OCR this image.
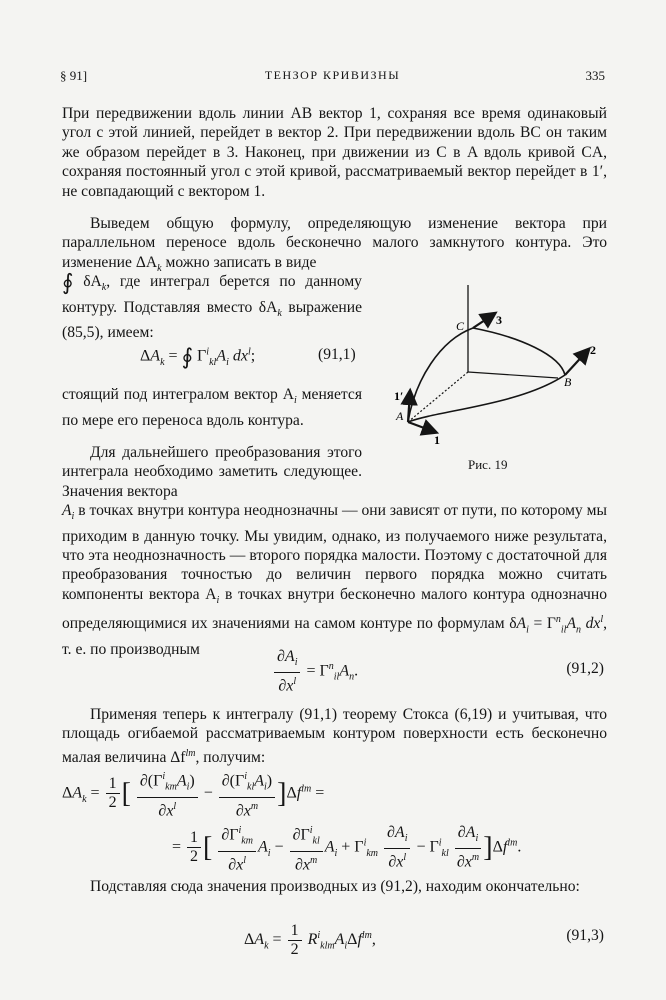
§ 91]	ТЕНЗОР КРИВИЗНЫ	335

При передвижении вдоль линии AB вектор 1, сохраняя все время одинаковый угол с этой линией, перейдет в вектор 2. При передвижении вдоль BC он таким же образом перейдет в 3. Наконец, при движении из C в A вдоль кривой CA, сохраняя постоянный угол с этой кривой, рассматриваемый вектор перейдет в 1′, не совпадающий с вектором 1.

Выведем общую формулу, определяющую изменение вектора при параллельном переносе вдоль бесконечно малого замкнутого контура. Это изменение $\Delta A_k$ можно записать в виде

∮ $\delta A_k$, где интеграл берется по данному контуру. Подставляя вместо $\delta A_k$ выражение (85,5), имеем:

$\Delta A_k$ = ∮ $\Gamma^i_{kl}A_i$ $dx^l$;	(91,1)

стоящий под интегралом вектор $A_i$ меняется по мере его переноса вдоль контура.

Для дальнейшего преобразования этого интеграла необходимо заметить следующее. Значения вектора

$A_i$ в точках внутри контура неоднозначны — они зависят от пути, по которому мы приходим в данную точку. Мы увидим, однако, из получаемого ниже результата, что эта неоднозначность — второго порядка малости. Поэтому с достаточной для преобразования точностью до величин первого порядка можно считать компоненты вектора $A_i$ в точках внутри бесконечно малого контура однозначно определяющимися их значениями на самом контуре по формулам $\delta A_i = \Gamma^n_{il}A_n$ $dx^l$, т. е. по производным	$\frac{\partial A_i}{\partial x^l} = \Gamma^n_{il}A_n$.	(91,2)

Применяя теперь к интегралу (91,1) теорему Стокса (6,19) и учитывая, что площадь огибаемой рассматриваемым контуром поверхности есть бесконечно малая величина $\Delta f^{lm}$, получим:

$\Delta A_k = \frac{1}{2}$ [ $\frac{\partial(\Gamma^i_{km}A_i)}{\partial x^l} - \frac{\partial(\Gamma^i_{kl}A_i)}{\partial x^m} ]\Delta f^{lm}$ =
= $\frac{1}{2}$ [ $\frac{\partial\Gamma^i_{km}}{\partial x^l} A_i - \frac{\partial\Gamma^i_{kl}}{\partial x^m} A_i + \Gamma^i_{km} \frac{\partial A_i}{\partial x^l} - \Gamma^i_{kl} \frac{\partial A_i}{\partial x^m} ]\Delta f^{lm}$.

Подставляя сюда значения производных из (91,2), находим окончательно:

$\Delta A_k = \frac{1}{2} R^i_{klm}A_i\Delta f^{lm}$,	(91,3)
A
B
C
1
1′
2
3
Рис. 19
